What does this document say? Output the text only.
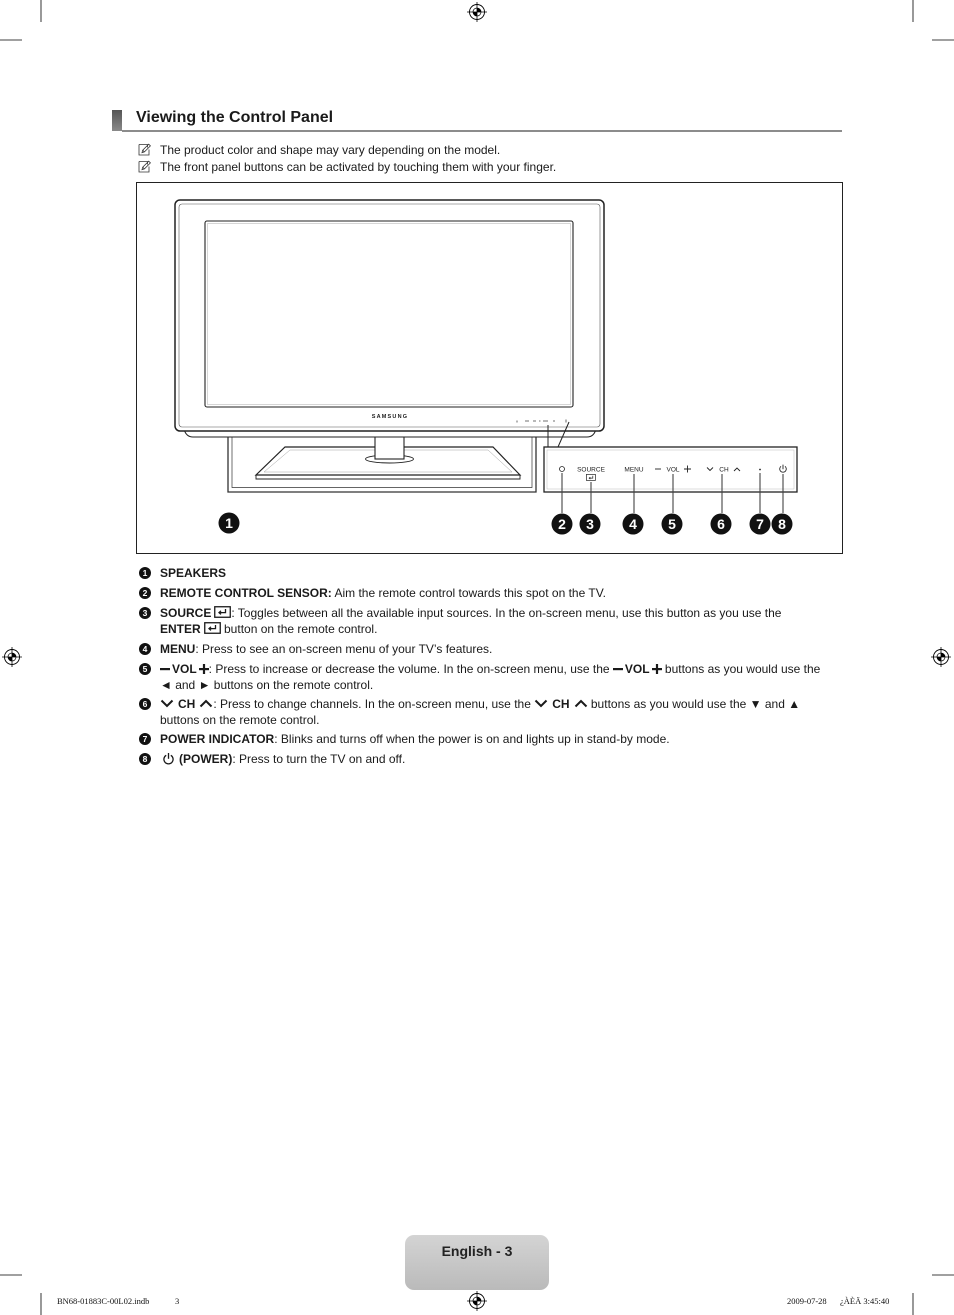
Viewing the Control Panel
The product color and shape may vary depending on the model.
The front panel buttons can be activated by touching them with your finger.
SAMSUNG
SOURCE	MENU	VOL	CH
1	2 3	4 5	6 7 8
1	SPEAKERS
2	REMOTE CONTROL SENSOR: Aim the remote control towards this spot on the TV.
3	SOURCE : Toggles between all the available input sources. In the on-screen menu, use this button as you use the
ENTER button on the remote control.
4	MENU: Press to see an on-screen menu of your TV’s features.
5	VOL : Press to increase or decrease the volume. In the on-screen menu, use the VOL buttons as you would use the
◄ and ► buttons on the remote control.
6	CH : Press to change channels. In the on-screen menu, use the CH buttons as you would use the ▼ and ▲
buttons on the remote control.
7	POWER INDICATOR: Blinks and turns off when the power is on and lights up in stand-by mode.
8	(POWER): Press to turn the TV on and off.
English - 3
BN68-01883C-00L02.indb	3	2009-07-28 ¿ÀÈÄ 3:45:40
